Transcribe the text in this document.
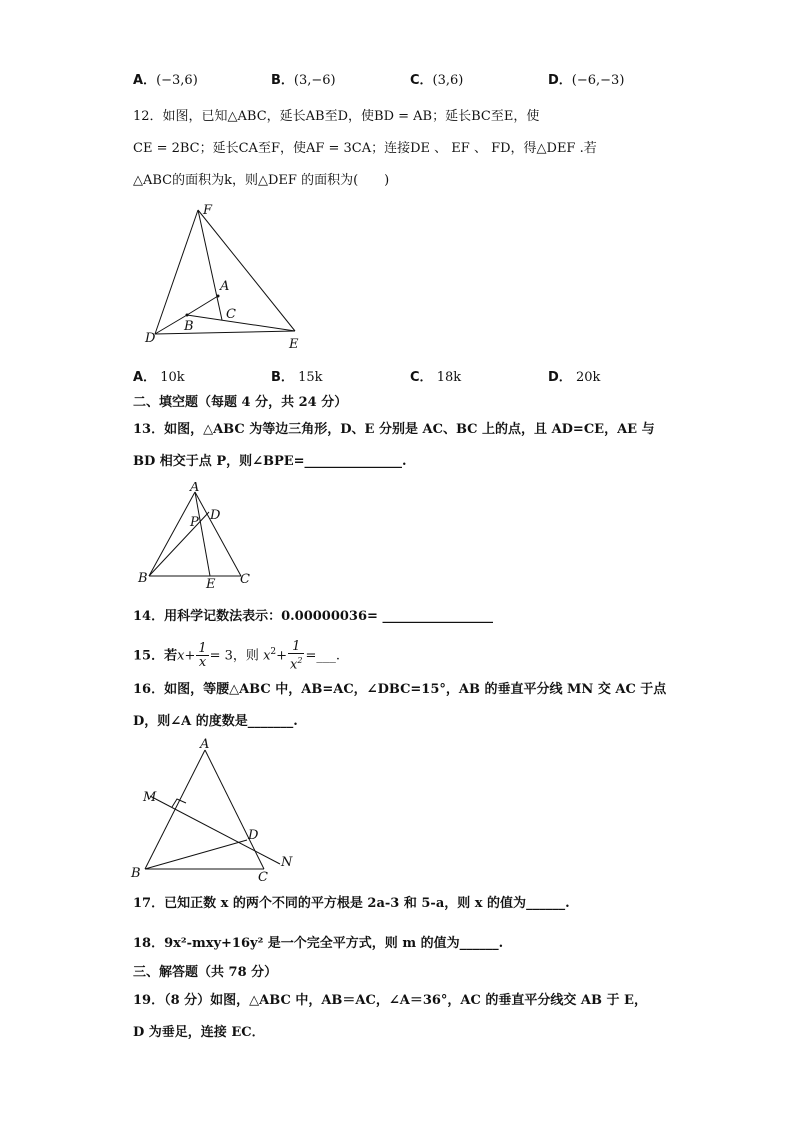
A．(−3,6)	B．(3,−6)	C．(3,6)	D．(−6,−3)
12．如图，已知△ABC，延长AB至D，使BD = AB；延长BC至E，使
CE = 2BC；延长CA至F，使AF = 3CA；连接DE 、 EF 、 FD，得△DEF .若
△ABC的面积为k，则△DEF 的面积为(　　)
F
A
C
B
D	E
A． 10k	B． 15k	C． 18k	D． 20k
二、填空题（每题 4 分，共 24 分）
13．如图，△ABC 为等边三角形，D、E 分别是 AC、BC 上的点，且 AD=CE，AE 与
BD 相交于点 P，则∠BPE=_______________.
A
P D
B	E C
14．用科学记数法表示：0.00000036= _________________
15．若$x+ \frac{1}{x} = 3$，则 $x^2+ \frac{1}{x^2}$ =___.
16．如图，等腰△ABC 中，AB=AC，∠DBC=15°，AB 的垂直平分线 MN 交 AC 于点
D，则∠A 的度数是_______.
A
M
D
N
B	C
17．已知正数 x 的两个不同的平方根是 2a-3 和 5-a，则 x 的值为______.
18．9x²-mxy+16y² 是一个完全平方式，则 m 的值为______.
三、解答题（共 78 分）
19．（8 分）如图，△ABC 中，AB＝AC，∠A＝36°，AC 的垂直平分线交 AB 于 E，
D 为垂足，连接 EC．
